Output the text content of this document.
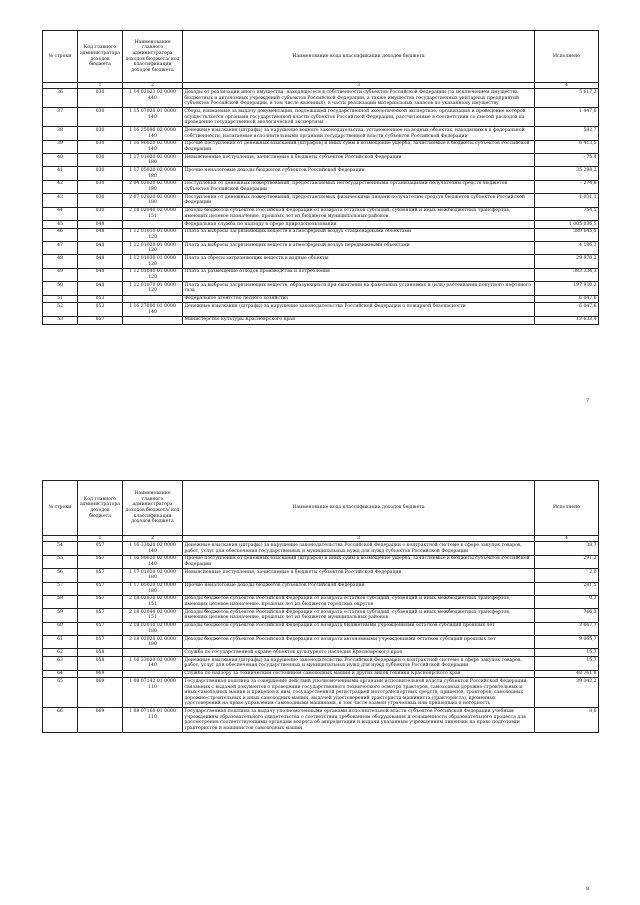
№ строки	Код главного администратора доходов бюджета	Наименование главного администратора доходов бюджета/ код классификации доходов бюджета	Наименование кода классификации доходов бюджета	Исполнено
	1	2	3	4
36	030	1 14 02023 02 0000 440	Доходы от реализации иного имущества, находящегося в собственности субъектов Российской Федерации (за исключением имущества бюджетных и автономных учреждений субъектов Российской Федерации, а также имущества государственных унитарных предприятий субъектов Российской Федерации, в том числе казенных), в части реализации материальных запасов по указанному имуществу	- 5 617,2
37	030	1 15 07020 01 0000 140	Сборы, взимаемые за выдачу документации, подлежащей государственной экологической экспертизе, организация и проведение которой осуществляется органами государственной власти субъектов Российской Федерации, рассчитанные в соответствии со сметой расходов на проведение государственной экологической экспертизы	1 447,0
38	030	1 16 25086 02 0000 140	Денежные взыскания (штрафы) за нарушение водного законодательства, установленное на водных объектах, находящихся в федеральной собственности, налагаемые исполнительными органами государственной власти субъектов Российской Федерации	582,7
39	030	1 16 90020 02 0000 140	Прочие поступления от денежных взысканий (штрафов) и иных сумм в возмещение ущерба, зачисляемые в бюджеты субъектов Российской Федерации	6 413,5
40	030	1 17 01020 02 0000 180	Невыясненные поступления, зачисляемые в бюджеты субъектов Российской Федерации	- 75,4
41	030	1 17 05020 02 0000 180	Прочие неналоговые доходы бюджетов субъектов Российской Федерации	35 298,3
42	030	2 04 02020 02 0000 180	Поступления от денежных пожертвований, предоставляемых негосударственными организациями получателям средств бюджетов субъектов Российской Федерации	- 274,8
43	030	2 07 02020 02 0000 180	Поступления от денежных пожертвований, предоставляемых физическими лицами получателям средств бюджетов субъектов Российской Федерации	-1 031,1
44	030	2 18 02040 02 0000 151	Доходы бюджетов субъектов Российской Федерации от возврата остатков субсидий, субвенций и иных межбюджетных трансфертов, имеющих целевое назначение, прошлых лет из бюджетов муниципальных районов	754,5
45	048		Федеральная служба по надзору в сфере природопользования	1 005 036,5
46	048	1 12 01010 01 0000 120	Плата за выбросы загрязняющих веществ в атмосферный воздух стационарными объектами	389 645,5
47	048	1 12 01020 01 0000 120	Плата за выбросы загрязняющих веществ в атмосферный воздух передвижными объектами	4 186,3
48	048	1 12 01030 01 0000 120	Плата за сбросы загрязняющих веществ в водные объекты	29 970,2
49	048	1 12 01040 01 0000 120	Плата за размещение отходов производства и потребления	383 334,3
50	048	1 12 01070 01 0000 120	Плата за выбросы загрязняющих веществ, образующихся при сжигании на факельных установках и (или) рассеивании попутного нефтяного газа	197 930,2
51	053		Федеральное агентство лесного хозяйства	6 047,6
52	053	1 16 27000 01 0000 140	Денежные взыскания (штрафы) за нарушение законодательства Российской Федерации о пожарной безопасности	6 047,6
53	057		Министерство культуры Красноярского края	13 633,4
7
№ строки	Код главного администратора доходов бюджета	Наименование главного администратора доходов бюджета/ код классификации доходов бюджета	Наименование кода классификации доходов бюджета	Исполнено
	1	2	3	4
54	057	1 16 33020 02 0000 140	Денежные взыскания (штрафы) за нарушение законодательства Российской Федерации о контрактной системе в сфере закупок товаров, работ, услуг для обеспечения государственных и муниципальных нужд для нужд субъектов Российской Федерации	38,7
55	057	1 16 90020 02 0000 140	Прочие поступления от денежных взысканий (штрафов) и иных сумм в возмещение ущерба, зачисляемые в бюджеты субъектов Российской Федерации	291,2
56	057	1 17 01020 02 0000 180	Невыясненные поступления, зачисляемые в бюджеты субъектов Российской Федерации	2,0
57	057	1 17 05020 02 0000 180	Прочие неналоговые доходы бюджетов субъектов Российской Федерации	281,5
58	057	2 18 02030 02 0000 151	Доходы бюджетов субъектов Российской Федерации от возврата остатков субсидий, субвенций и иных межбюджетных трансфертов, имеющих целевое назначение, прошлых лет из бюджетов городских округов	0,3
59	057	2 18 02040 02 0000 151	Доходы бюджетов субъектов Российской Федерации от возврата остатков субсидий, субвенций и иных межбюджетных трансфертов, имеющих целевое назначение, прошлых лет из бюджетов муниципальных районов	766,3
60	057	2 18 02010 02 0000 180	Доходы бюджетов субъектов Российской Федерации от возврата бюджетными учреждениями остатков субсидий прошлых лет	3 667,7
61	057	2 18 02020 02 0000 180	Доходы бюджетов субъектов Российской Федерации от возврата автономными учреждениями остатков субсидий прошлых лет	9 065,7
62	058		Служба по государственной охране объектов культурного наследия Красноярского края	15,7
63	058	1 16 33020 02 0000 140	Денежные взыскания (штрафы) за нарушение законодательства Российской Федерации о контрактной системе в сфере закупок товаров, работ, услуг для обеспечения государственных и муниципальных нужд для нужд субъектов Российской Федерации	15,7
64	069		Служба по надзору за техническим состоянием самоходных машин и других видов техники Красноярского края	48 761,8
65	069	1 08 07142 01 0000 110	Государственная пошлина за совершение действий уполномоченными органами исполнительной власти субъектов Российской Федерации, связанных с выдачей документов о проведении государственного технического осмотра тракторов, самоходных дорожно-строительных и иных самоходных машин и прицепов к ним, государственной регистрацией мототранспортных средств, прицепов, тракторов, самоходных дорожно-строительных и иных самоходных машин, выдачей удостоверений тракториста-машиниста (тракториста), временных удостоверений на право управления самоходными машинами, в том числе взамен утраченных или пришедших в негодность	39 342,2
66	069	1 08 07160 01 0000 110	Государственная пошлина за выдачу уполномоченными органами исполнительной власти субъектов Российской Федерации учебным учреждениям образовательного свидетельства о соответствии требованиям оборудования и оснащенности образовательного процесса для рассмотрения соответствующими органами вопроса об аккредитации и выдачи указанным учреждениям лицензии на право подготовки трактористов и машинистов самоходных машин	8,0
8
